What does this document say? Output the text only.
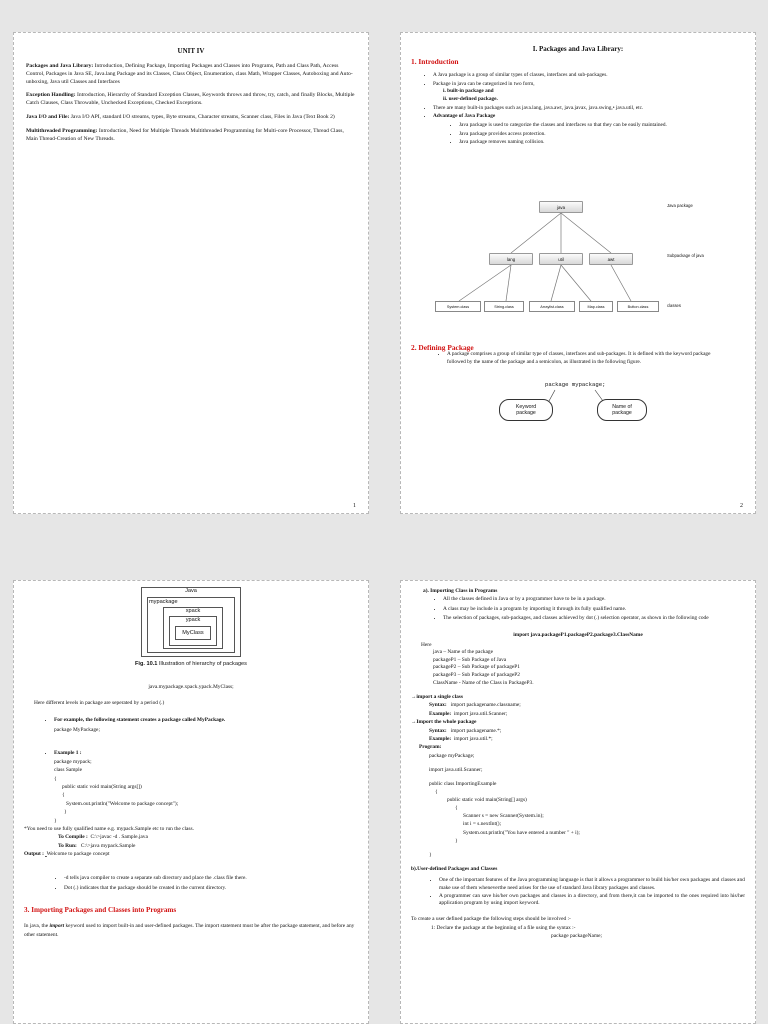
UNIT IV

Packages and Java Library: Introduction, Defining Package, Importing Packages and Classes into Programs, Path and Class Path, Access Control, Packages in Java SE, Java.lang Package and its Classes, Class Object, Enumeration, class Math, Wrapper Classes, Autoboxing and Auto-unboxing, Java util Classes and Interfaces

Exception Handling: Introduction, Hierarchy of Standard Exception Classes, Keywords throws and throw, try, catch, and finally Blocks, Multiple Catch Clauses, Class Throwable, Unchecked Exceptions, Checked Exceptions.

Java I/O and File: Java I/O API, standard I/O streams, types, Byte streams, Character streams, Scanner class, Files in Java (Text Book 2)

Multithreaded Programming: Introduction, Need for Multiple Threads Multithreaded Programming for Multi-core Processor, Thread Class, Main Thread-Creation of New Threads.

1
I. Packages and Java Library:
1. Introduction
• A Java package is a group of similar types of classes, interfaces and sub-packages.
• Package in java can be categorized in two form,
i. built-in package and
ii. user-defined package.
• There are many built-in packages such as java.lang, java.awt, java.javax, java.swing,• java.util, etc.
• Advantage of Java Package
• Java package is used to categorize the classes and interfaces so that they can be easily maintained.
• Java package provides access protection.
• Java package removes naming collision.
java
lang	util	awt
System.class	String.class	Arraylist.class	Map.class	Button.class
Java package
Subpackage of java
classes
2. Defining Package
• A package comprises a group of similar type of classes, interfaces and sub-packages. It is defined with the keyword package followed by the name of the package and a semicolon, as illustrated in the following figure.
package mypackage;
Keyword package
Name of package
2
Java
mypackage
xpack
ypack
MyClass
Fig. 10.1 Illustration of hierarchy of packages
java.mypackage.xpack.ypack.MyClass;
Here different levels in package are seperated by a period (.)
• For example, the following statement creates a package called MyPackage.
package MyPackage;
• Example 1 :
package mypack;
class Sample
{
public static void main(String args[])
{
System.out.println("Welcome to package concept");
}
}
*You need to use fully qualified name e.g. mypack.Sample etc to run the class.
To Compile : C:\>javac -d . Sample.java
To Run: C:\>java mypack.Sample
Output : Welcome to package concept
• -d tells java compiler to create a separate sub directory and place the .class file there.
• Dot (.) indicates that the package should be created in the current directory.
3. Importing Packages and Classes into Programs
In java, the import keyword used to import built-in and user-defined packages. The import statement must be after the package statement, and before any other statement.
a). Importing Class in Programs
• All the classes defined in Java or by a programmer have to be in a package.
• A class may be include in a program by importing it through its fully qualified name.
• The selection of packages, sub-packages, and classes achieved by dot (.) selection operator, as shown in the following code
import java.packageP1.packageP2.package3.ClassName
Here
java – Name of the package
packageP1 – Sub Package of Java
packageP2 – Sub Package of packageP1
packageP3 – Sub Package of packageP2
ClassName - Name of the Class in PackageP3.
→import a single class
Syntax: import packagename.classname;
Example: import java.util.Scanner;
→Import the whole package
Syntax: import packagename.*;
Example: import java.util.*;
Program:
package myPackage;
import java.util.Scanner;
public class ImportingExample
{
public static void main(String[] args)
{
Scanner s = new Scanner(System.in);
int i = s.nextInt();
System.out.println("You have entered a number " + i);
}
}
b).User-defined Packages and Classes
• One of the important features of the Java programming language is that it allows a programmer to build his/her own packages and classes and make use of them wheneverthe need arises for the use of standard Java library packages and classes.
• A programmer can save his/her own packages and classes in a directory, and from there,it can be imported to the ones required into his/her application program by using import keyword.
To create a user defined package the following steps should be involved :-
1: Declare the package at the beginning of a file using the syntax :-
package packageName;
